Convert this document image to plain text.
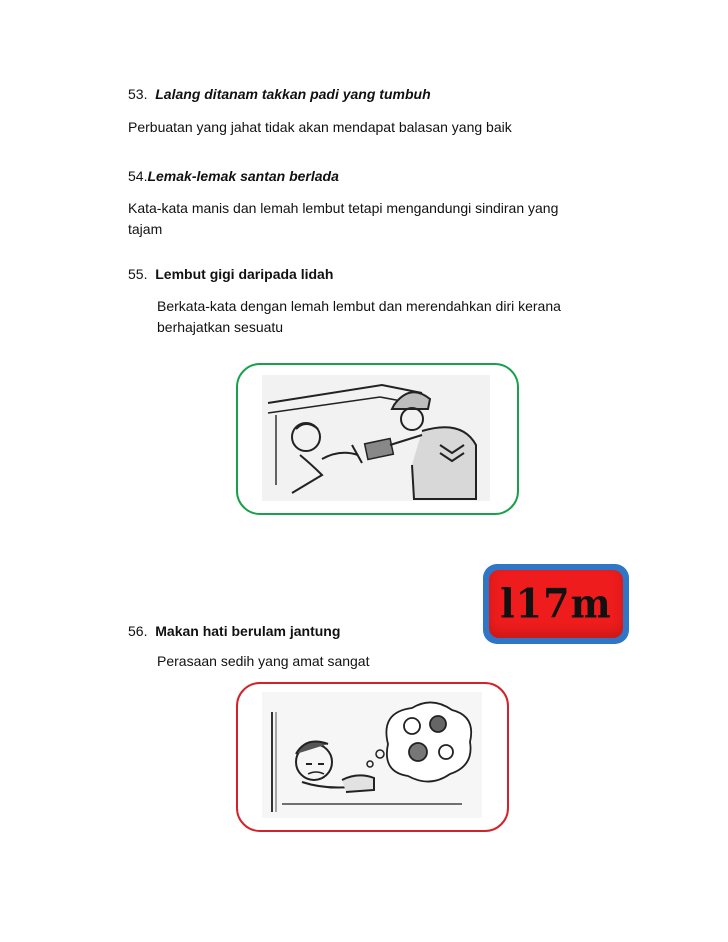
53. Lalang ditanam takkan padi yang tumbuh
Perbuatan yang jahat tidak akan mendapat balasan yang baik
54.Lemak-lemak santan berlada
Kata-kata manis dan lemah lembut tetapi mengandungi sindiran yang tajam
55. Lembut gigi daripada lidah
Berkata-kata dengan lemah lembut dan merendahkan diri kerana berhajatkan sesuatu
l17m
56. Makan hati berulam jantung
Perasaan sedih yang amat sangat
